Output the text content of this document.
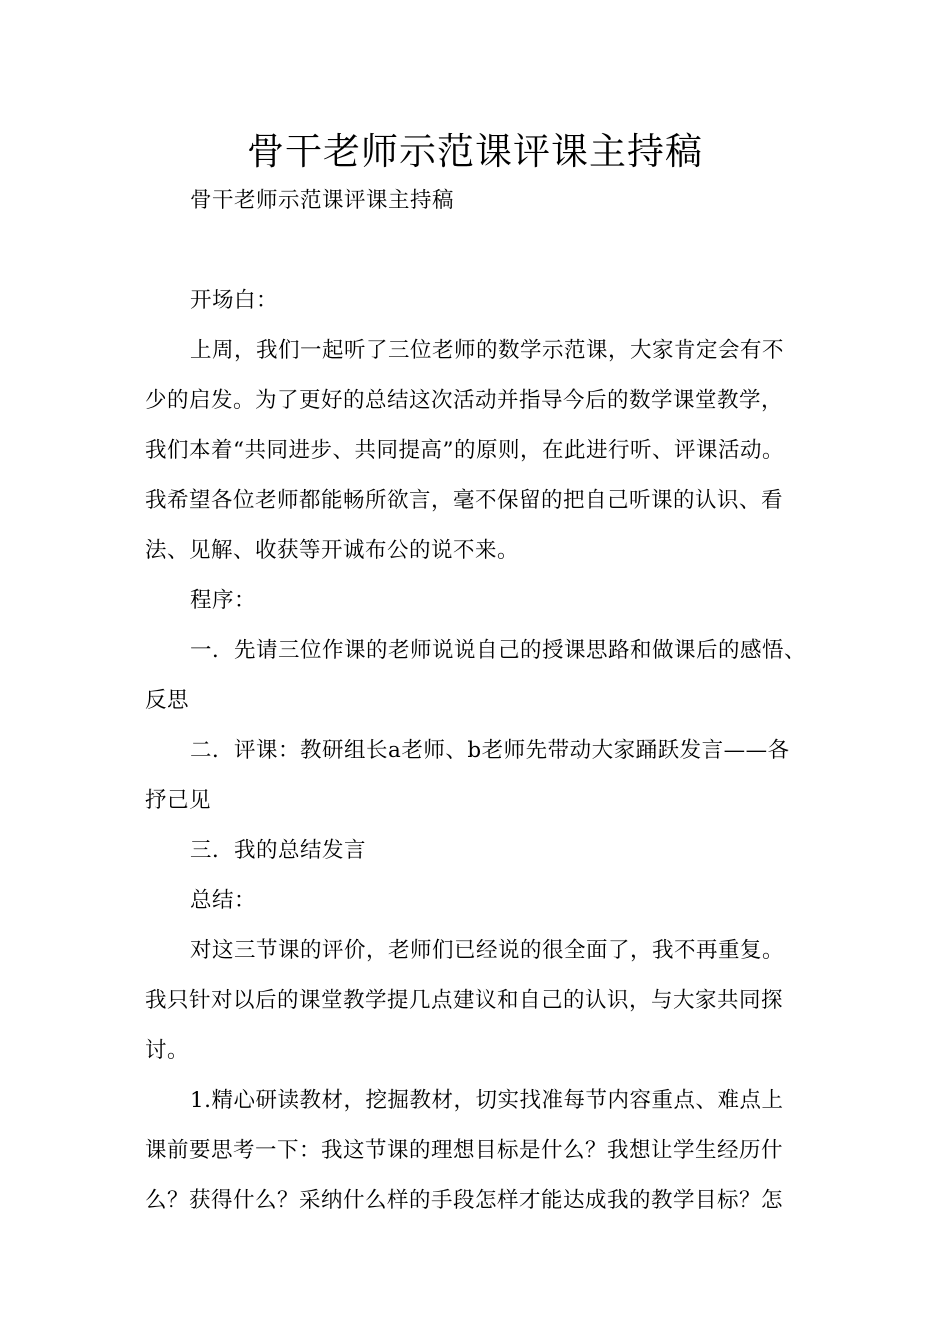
骨干老师示范课评课主持稿
骨干老师示范课评课主持稿
开场白：
上周，我们一起听了三位老师的数学示范课，大家肯定会有不
少的启发。为了更好的总结这次活动并指导今后的数学课堂教学，
我们本着“共同进步、共同提高”的原则，在此进行听、评课活动。
我希望各位老师都能畅所欲言，毫不保留的把自己听课的认识、看
法、见解、收获等开诚布公的说不来。
程序：
一．先请三位作课的老师说说自己的授课思路和做课后的感悟、
反思
二．评课：教研组长a老师、b老师先带动大家踊跃发言——各
抒己见
三．我的总结发言
总结：
对这三节课的评价，老师们已经说的很全面了，我不再重复。
我只针对以后的课堂教学提几点建议和自己的认识，与大家共同探
讨。
1.精心研读教材，挖掘教材，切实找准每节内容重点、难点上
课前要思考一下：我这节课的理想目标是什么？我想让学生经历什
么？获得什么？采纳什么样的手段怎样才能达成我的教学目标？怎
